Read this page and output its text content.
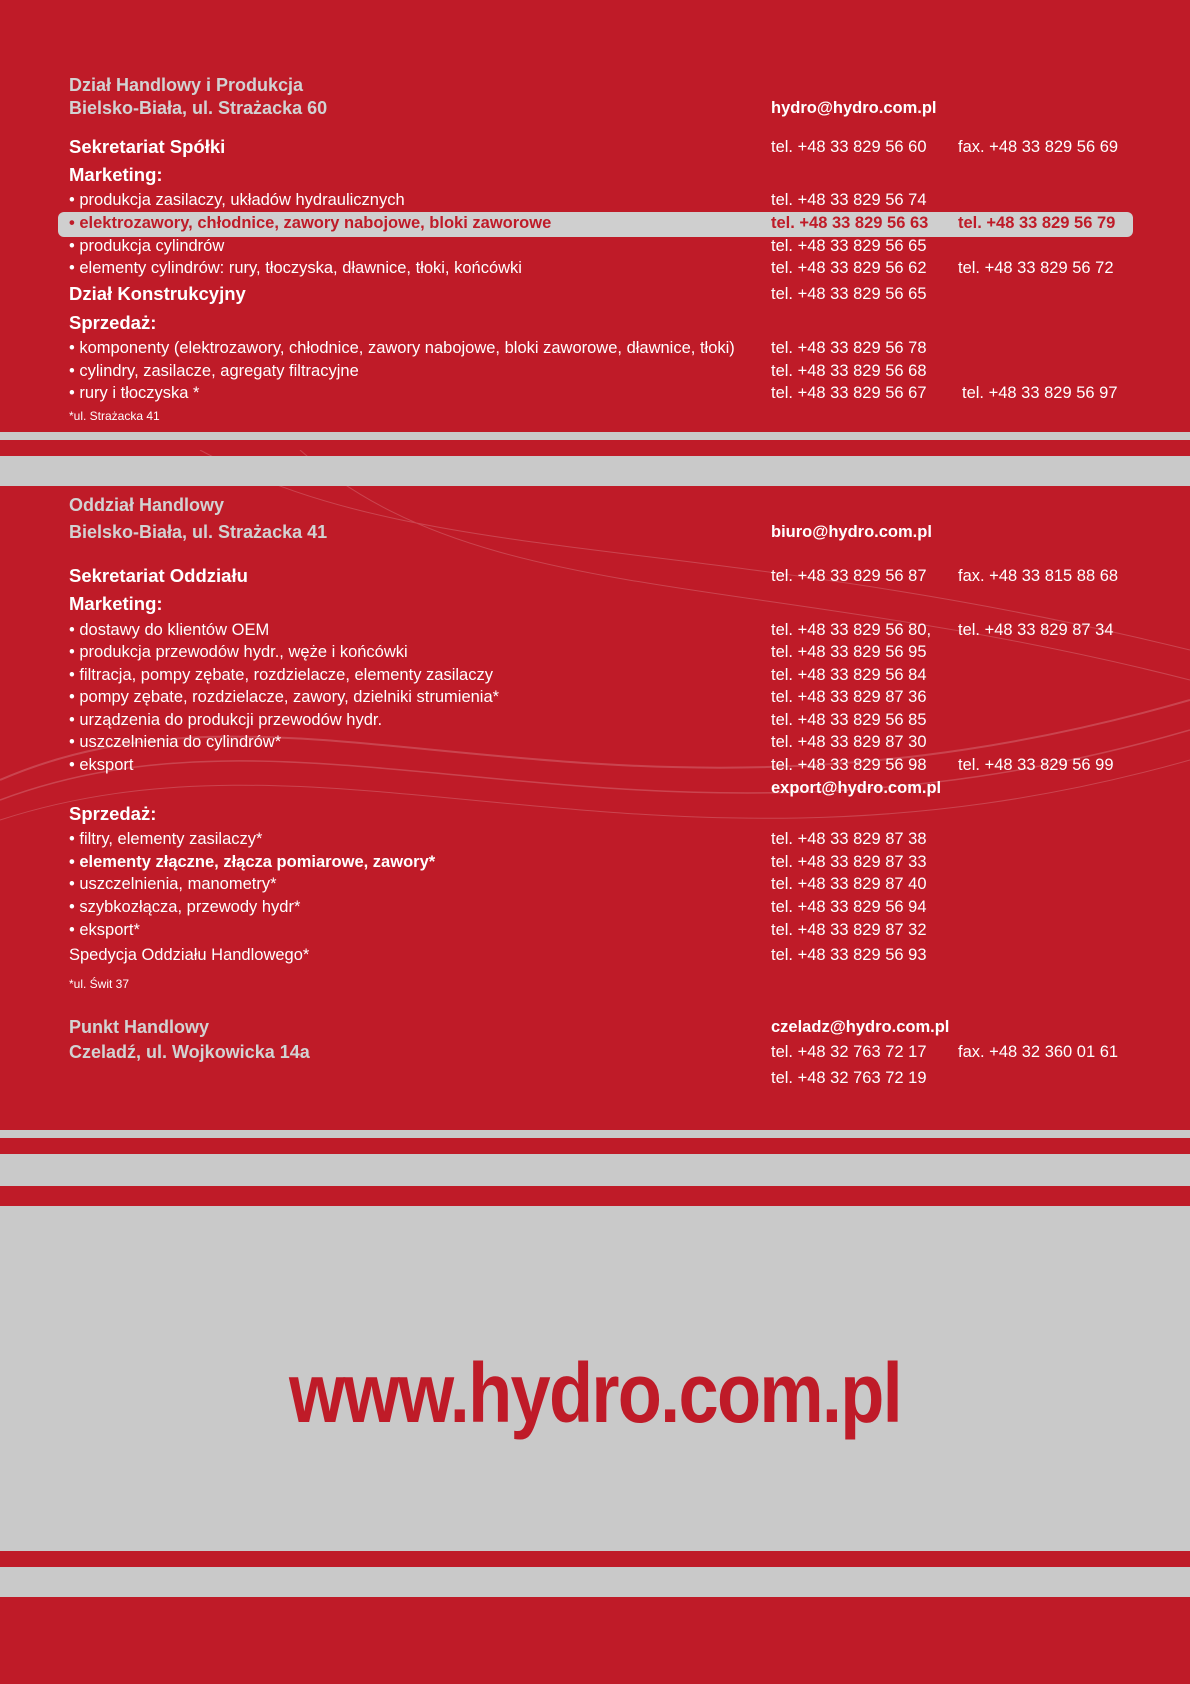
Dział Handlowy i Produkcja
Bielsko-Biała, ul. Strażacka 60	hydro@hydro.com.pl
Sekretariat Spółki	tel. +48 33 829 56 60 fax. +48 33 829 56 69
Marketing:
• produkcja zasilaczy, układów hydraulicznych	tel. +48 33 829 56 74
• elektrozawory, chłodnice, zawory nabojowe, bloki zaworowe	tel. +48 33 829 56 63 tel. +48 33 829 56 79
• produkcja cylindrów	tel. +48 33 829 56 65
• elementy cylindrów: rury, tłoczyska, dławnice, tłoki, końcówki	tel. +48 33 829 56 62 tel. +48 33 829 56 72
Dział Konstrukcyjny	tel. +48 33 829 56 65
Sprzedaż:
• komponenty (elektrozawory, chłodnice, zawory nabojowe, bloki zaworowe, dławnice, tłoki) tel. +48 33 829 56 78
• cylindry, zasilacze, agregaty filtracyjne	tel. +48 33 829 56 68
• rury i tłoczyska *	tel. +48 33 829 56 67 tel. +48 33 829 56 97
*ul. Strażacka 41
Oddział Handlowy
Bielsko-Biała, ul. Strażacka 41	biuro@hydro.com.pl
Sekretariat Oddziału	tel. +48 33 829 56 87 fax. +48 33 815 88 68
Marketing:
• dostawy do klientów OEM	tel. +48 33 829 56 80, tel. +48 33 829 87 34
• produkcja przewodów hydr., węże i końcówki	tel. +48 33 829 56 95
• filtracja, pompy zębate, rozdzielacze, elementy zasilaczy	tel. +48 33 829 56 84
• pompy zębate, rozdzielacze, zawory, dzielniki strumienia*	tel. +48 33 829 87 36
• urządzenia do produkcji przewodów hydr.	tel. +48 33 829 56 85
• uszczelnienia do cylindrów*	tel. +48 33 829 87 30
• eksport	tel. +48 33 829 56 98 tel. +48 33 829 56 99
export@hydro.com.pl
Sprzedaż:
• filtry, elementy zasilaczy*	tel. +48 33 829 87 38
• elementy złączne, złącza pomiarowe, zawory*	tel. +48 33 829 87 33
• uszczelnienia, manometry*	tel. +48 33 829 87 40
• szybkozłącza, przewody hydr*	tel. +48 33 829 56 94
• eksport*	tel. +48 33 829 87 32
Spedycja Oddziału Handlowego*	tel. +48 33 829 56 93
*ul. Świt 37
Punkt Handlowy	czeladz@hydro.com.pl
Czeladź, ul. Wojkowicka 14a	tel. +48 32 763 72 17 fax. +48 32 360 01 61
tel. +48 32 763 72 19
www.hydro.com.pl
